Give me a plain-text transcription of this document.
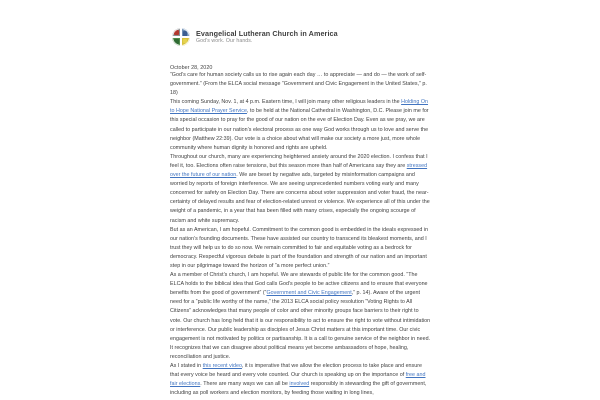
Evangelical Lutheran Church in America
God's work. Our hands.
October 28, 2020

“God’s care for human society calls us to rise again each day … to appreciate — and do — the work of self-government.” (From the ELCA social message “Government and Civic Engagement in the United States,” p. 18)

This coming Sunday, Nov. 1, at 4 p.m. Eastern time, I will join many other religious leaders in the Holding On to Hope National Prayer Service, to be held at the National Cathedral in Washington, D.C. Please join me for this special occasion to pray for the good of our nation on the eve of Election Day. Even as we pray, we are called to participate in our nation’s electoral process as one way God works through us to love and serve the neighbor (Matthew 22:39). Our vote is a choice about what will make our society a more just, more whole community where human dignity is honored and rights are upheld.

Throughout our church, many are experiencing heightened anxiety around the 2020 election. I confess that I feel it, too. Elections often raise tensions, but this season more than half of Americans say they are stressed over the future of our nation. We are beset by negative ads, targeted by misinformation campaigns and worried by reports of foreign interference. We are seeing unprecedented numbers voting early and many concerned for safety on Election Day. There are concerns about voter suppression and voter fraud, the near-certainty of delayed results and fear of election-related unrest or violence. We experience all of this under the weight of a pandemic, in a year that has been filled with many crises, especially the ongoing scourge of racism and white supremacy.

But as an American, I am hopeful. Commitment to the common good is embedded in the ideals expressed in our nation’s founding documents. These have assisted our country to transcend its bleakest moments, and I trust they will help us to do so now. We remain committed to fair and equitable voting as a bedrock for democracy. Respectful vigorous debate is part of the foundation and strength of our nation and an important step in our pilgrimage toward the horizon of “a more perfect union.”

As a member of Christ’s church, I am hopeful. We are stewards of public life for the common good. “The ELCA holds to the biblical idea that God calls God’s people to be active citizens and to ensure that everyone benefits from the good of government” (“Government and Civic Engagement,” p. 14). Aware of the urgent need for a “public life worthy of the name,” the 2013 ELCA social policy resolution “Voting Rights to All Citizens” acknowledges that many people of color and other minority groups face barriers to their right to vote. Our church has long held that it is our responsibility to act to ensure the right to vote without intimidation or interference. Our public leadership as disciples of Jesus Christ matters at this important time. Our civic engagement is not motivated by politics or partisanship. It is a call to genuine service of the neighbor in need. It recognizes that we can disagree about political means yet become ambassadors of hope, healing, reconciliation and justice.

As I stated in this recent video, it is imperative that we allow the election process to take place and ensure that every voice be heard and every vote counted. Our church is speaking up on the importance of free and fair elections. There are many ways we can all be involved responsibly in stewarding the gift of government, including as poll workers and election monitors, by feeding those waiting in long lines,
